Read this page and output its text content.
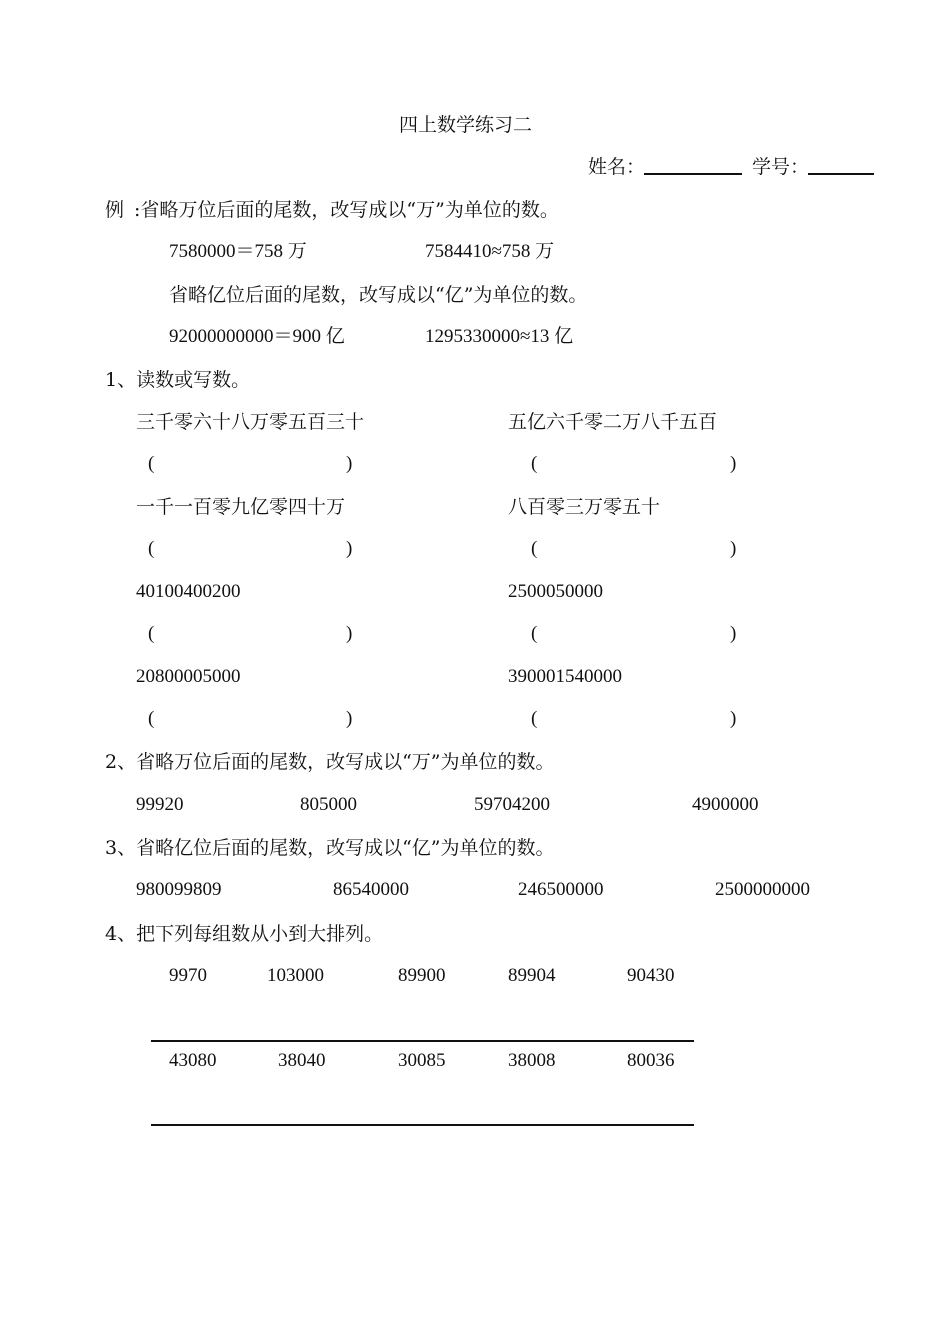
四上数学练习二
姓名：	学号：
例 :省略万位后面的尾数，改写成以“万”为单位的数。
7580000＝758 万	7584410≈758 万
省略亿位后面的尾数，改写成以“亿”为单位的数。
92000000000＝900 亿	1295330000≈13 亿
1、读数或写数。
三千零六十八万零五百三十	五亿六千零二万八千五百
(	)	(	)
一千一百零九亿零四十万	八百零三万零五十
(	)	(	)
40100400200	2500050000
(	)	(	)
20800005000	390001540000
(	)	(	)
2、省略万位后面的尾数，改写成以“万”为单位的数。
99920	805000	59704200	4900000
3、省略亿位后面的尾数，改写成以“亿”为单位的数。
980099809	86540000	246500000	2500000000
4、把下列每组数从小到大排列。
9970	103000	89900	89904	90430
43080	38040	30085	38008	80036
